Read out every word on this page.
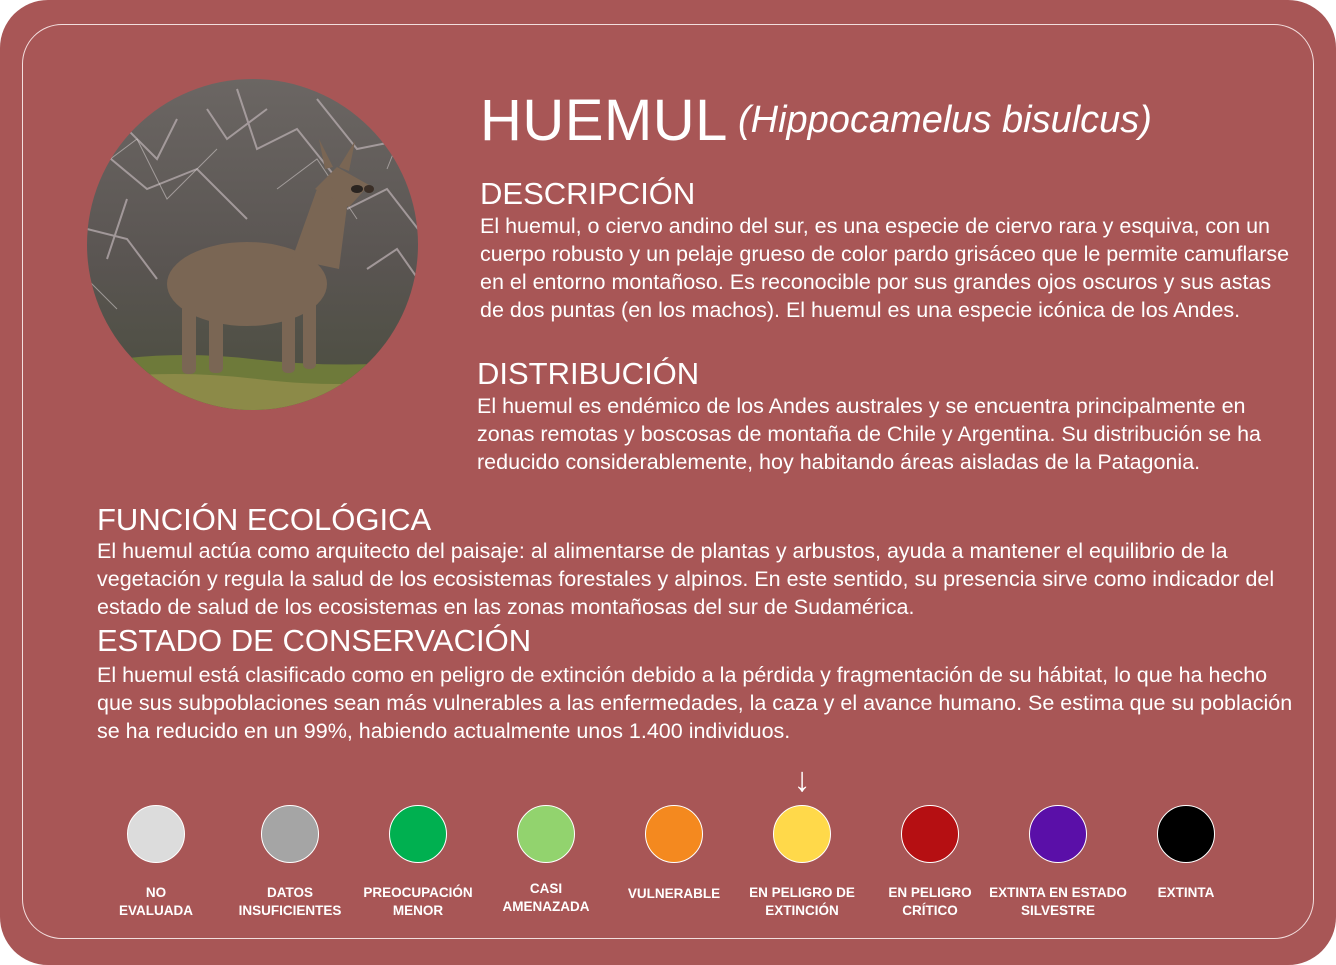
HUEMUL (Hippocamelus bisulcus)
DESCRIPCIÓN
El huemul, o ciervo andino del sur, es una especie de ciervo rara y esquiva, con un cuerpo robusto y un pelaje grueso de color pardo grisáceo que le permite camuflarse en el entorno montañoso. Es reconocible por sus grandes ojos oscuros y sus astas de dos puntas (en los machos). El huemul es una especie icónica de los Andes.
DISTRIBUCIÓN
El huemul es endémico de los Andes australes y se encuentra principalmente en zonas remotas y boscosas de montaña de Chile y Argentina. Su distribución se ha reducido considerablemente, hoy habitando áreas aisladas de la Patagonia.
FUNCIÓN ECOLÓGICA
El huemul actúa como arquitecto del paisaje: al alimentarse de plantas y arbustos, ayuda a mantener el equilibrio de la vegetación y regula la salud de los ecosistemas forestales y alpinos. En este sentido, su presencia sirve como indicador del estado de salud de los ecosistemas en las zonas montañosas del sur de Sudamérica.
ESTADO DE CONSERVACIÓN
El huemul está clasificado como en peligro de extinción debido a la pérdida y fragmentación de su hábitat, lo que ha hecho que sus subpoblaciones sean más vulnerables a las enfermedades, la caza y el avance humano. Se estima que su población se ha reducido en un 99%, habiendo actualmente unos 1.400 individuos.
↓
NO
EVALUADA
DATOS
INSUFICIENTES
PREOCUPACIÓN
MENOR
CASI
AMENAZADA
VULNERABLE	EN PELIGRO DE
EXTINCIÓN
EN PELIGRO
CRÍTICO
EXTINTA EN ESTADO
SILVESTRE
EXTINTA
